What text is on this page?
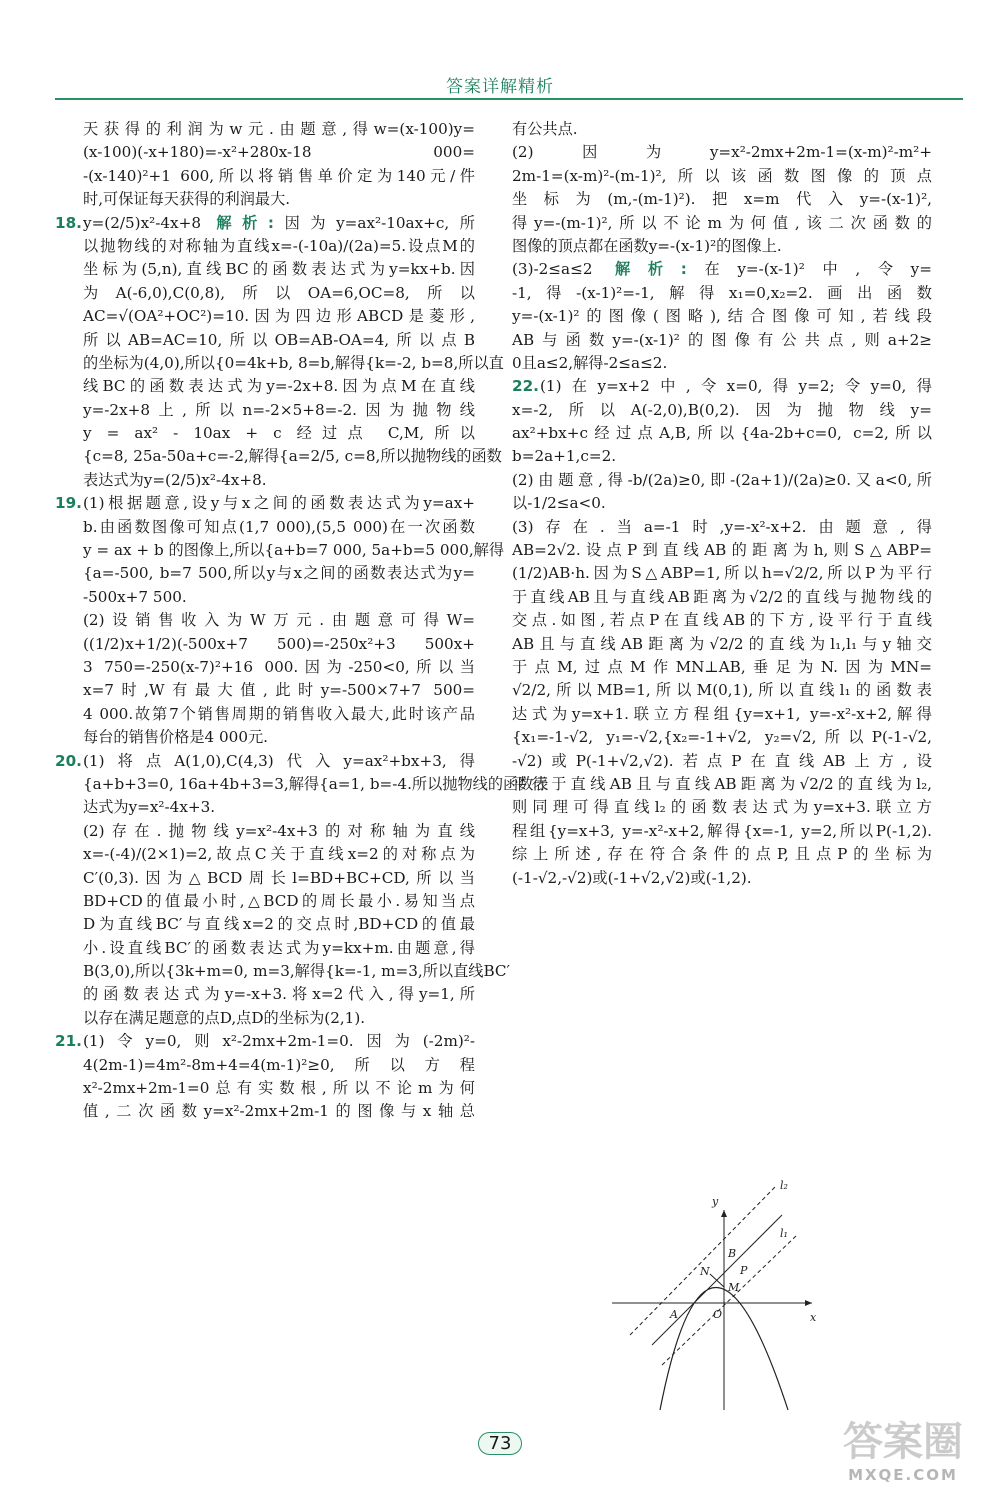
答案详解精析
天获得的利润为w元.由题意,得w=(x-100)y=
(x-100)(-x+180)=-x²+280x-18 000=
-(x-140)²+1 600,所以将销售单价定为140元/件
时,可保证每天获得的利润最大.
18.y=(2/5)x²-4x+8 解析:因为y=ax²-10ax+c,所
以抛物线的对称轴为直线x=-(-10a)/(2a)=5.设点M的
坐标为(5,n),直线BC的函数表达式为y=kx+b.因
为A(-6,0),C(0,8),所以OA=6,OC=8,所以
AC=√(OA²+OC²)=10.因为四边形ABCD是菱形,
所以AB=AC=10,所以OB=AB-OA=4,所以点B
的坐标为(4,0),所以{0=4k+b, 8=b,解得{k=-2, b=8,所以直
线BC的函数表达式为y=-2x+8.因为点M在直线
y=-2x+8上,所以n=-2×5+8=-2.因为抛物线
y = ax² - 10ax + c 经过点 C,M,所以
{c=8, 25a-50a+c=-2,解得{a=2/5, c=8,所以抛物线的函数
表达式为y=(2/5)x²-4x+8.
19.(1)根据题意,设y与x之间的函数表达式为y=ax+
b.由函数图像可知点(1,7 000),(5,5 000)在一次函数
y = ax + b 的图像上,所以{a+b=7 000, 5a+b=5 000,解得
{a=-500, b=7 500,所以y与x之间的函数表达式为y=
-500x+7 500.
(2)设销售收入为W万元.由题意可得W=
((1/2)x+1/2)(-500x+7 500)=-250x²+3 500x+
3 750=-250(x-7)²+16 000.因为-250<0,所以当
x=7时,W有最大值,此时y=-500×7+7 500=
4 000.故第7个销售周期的销售收入最大,此时该产品
每台的销售价格是4 000元.
20.(1)将点A(1,0),C(4,3)代入y=ax²+bx+3,得
{a+b+3=0, 16a+4b+3=3,解得{a=1, b=-4.所以抛物线的函数表
达式为y=x²-4x+3.
(2)存在.抛物线y=x²-4x+3的对称轴为直线
x=-(-4)/(2×1)=2,故点C关于直线x=2的对称点为
C′(0,3).因为△BCD周长l=BD+BC+CD,所以当
BD+CD的值最小时,△BCD的周长最小.易知当点
D为直线BC′与直线x=2的交点时,BD+CD的值最
小.设直线BC′的函数表达式为y=kx+m.由题意,得
B(3,0),所以{3k+m=0, m=3,解得{k=-1, m=3,所以直线BC′
的函数表达式为y=-x+3.将x=2代入,得y=1,所
以存在满足题意的点D,点D的坐标为(2,1).
21.(1)令y=0,则x²-2mx+2m-1=0.因为(-2m)²-
4(2m-1)=4m²-8m+4=4(m-1)²≥0,所以方程
x²-2mx+2m-1=0总有实数根,所以不论m为何
值,二次函数y=x²-2mx+2m-1的图像与x轴总
有公共点.
(2)因为y=x²-2mx+2m-1=(x-m)²-m²+
2m-1=(x-m)²-(m-1)²,所以该函数图像的顶点
坐标为(m,-(m-1)²).把x=m代入y=-(x-1)²,
得y=-(m-1)²,所以不论m为何值,该二次函数的
图像的顶点都在函数y=-(x-1)²的图像上.
(3)-2≤a≤2 解析:在y=-(x-1)²中,令y=
-1,得-(x-1)²=-1,解得x₁=0,x₂=2.画出函数
y=-(x-1)²的图像(图略),结合图像可知,若线段
AB与函数y=-(x-1)²的图像有公共点,则a+2≥
0且a≤2,解得-2≤a≤2.
22.(1)在y=x+2中,令x=0,得y=2;令y=0,得
x=-2,所以A(-2,0),B(0,2).因为抛物线y=
ax²+bx+c经过点A,B,所以{4a-2b+c=0, c=2,所以
b=2a+1,c=2.
(2)由题意,得-b/(2a)≥0,即-(2a+1)/(2a)≥0.又a<0,所
以-1/2≤a<0.
(3)存在.当a=-1时,y=-x²-x+2.由题意,得
AB=2√2.设点P到直线AB的距离为h,则S△ABP=
(1/2)AB·h.因为S△ABP=1,所以h=√2/2,所以P为平行
于直线AB且与直线AB距离为√2/2的直线与抛物线的
交点.如图,若点P在直线AB的下方,设平行于直线
AB且与直线AB距离为√2/2的直线为l₁,l₁与y轴交
于点M,过点M作MN⊥AB,垂足为N.因为MN=
√2/2,所以MB=1,所以M(0,1),所以直线l₁的函数表
达式为y=x+1.联立方程组{y=x+1, y=-x²-x+2,解得
{x₁=-1-√2, y₁=-√2,{x₂=-1+√2, y₂=√2,所以P(-1-√2,
-√2)或P(-1+√2,√2).若点P在直线AB上方,设
平行于直线AB且与直线AB距离为√2/2的直线为l₂,
则同理可得直线l₂的函数表达式为y=x+3.联立方
程组{y=x+3, y=-x²-x+2,解得{x=-1, y=2,所以P(-1,2).
综上所述,存在符合条件的点P,且点P的坐标为
(-1-√2,-√2)或(-1+√2,√2)或(-1,2).
y
x
O
A
B
N	P
M
l₁
l₂
73	答案圈
MXQE.COM
